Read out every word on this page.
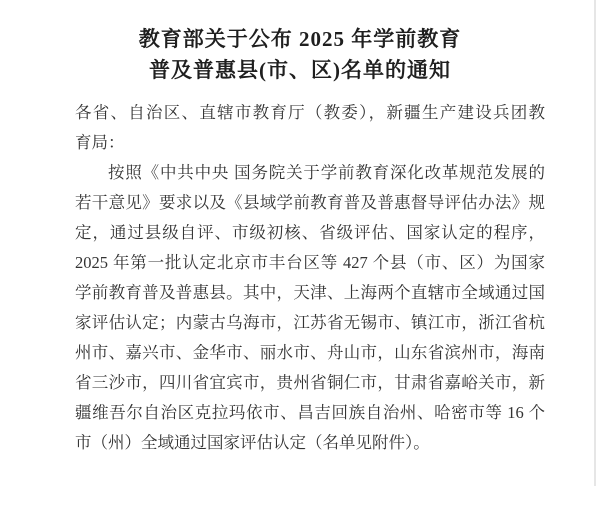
教育部关于公布 2025 年学前教育
普及普惠县(市、区)名单的通知
各省、自治区、直辖市教育厅（教委），新疆生产建设兵团教
育局：
按照《中共中央 国务院关于学前教育深化改革规范发展的
若干意见》要求以及《县域学前教育普及普惠督导评估办法》规
定，通过县级自评、市级初核、省级评估、国家认定的程序，
2025 年第一批认定北京市丰台区等 427 个县（市、区）为国家
学前教育普及普惠县。其中，天津、上海两个直辖市全域通过国
家评估认定；内蒙古乌海市，江苏省无锡市、镇江市，浙江省杭
州市、嘉兴市、金华市、丽水市、舟山市，山东省滨州市，海南
省三沙市，四川省宜宾市，贵州省铜仁市，甘肃省嘉峪关市，新
疆维吾尔自治区克拉玛依市、昌吉回族自治州、哈密市等 16 个
市（州）全域通过国家评估认定（名单见附件）。
